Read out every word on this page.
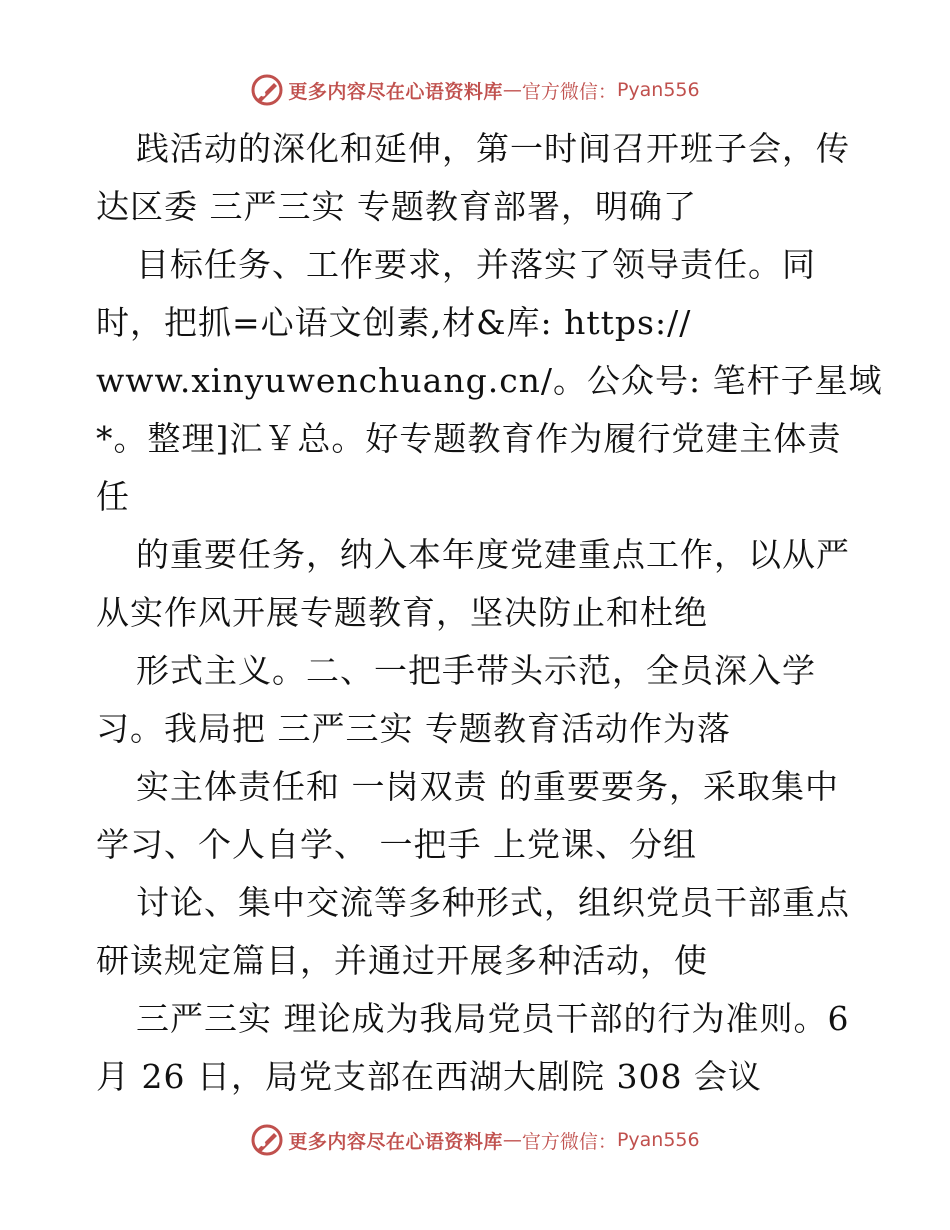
更多内容尽在心语资料库 — 官方微信： Pyan556
践活动的深化和延伸，第一时间召开班子会，传
达区委 三严三实 专题教育部署，明确了
目标任务、工作要求，并落实了领导责任。同
时，把抓=心语文创素,材&库: https://
www.xinyuwenchuang.cn/。公众号: 笔杆子星域
*。整理]汇￥总。好专题教育作为履行党建主体责
任
的重要任务，纳入本年度党建重点工作，以从严
从实作风开展专题教育，坚决防止和杜绝
形式主义。二、一把手带头示范，全员深入学
习。我局把 三严三实 专题教育活动作为落
实主体责任和 一岗双责 的重要要务，采取集中
学习、个人自学、 一把手 上党课、分组
讨论、集中交流等多种形式，组织党员干部重点
研读规定篇目，并通过开展多种活动，使
三严三实 理论成为我局党员干部的行为准则。6
月 26 日，局党支部在西湖大剧院 308 会议
更多内容尽在心语资料库 — 官方微信： Pyan556
